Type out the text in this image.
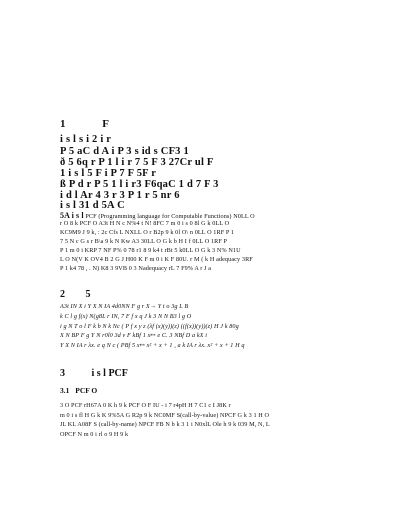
1	F
i s l s i 2 i r
P 5 aC d A i P 3 s id s CF3 1
ð 5 6q r P 1 l i r 7 5 F 3 27Cr ul F
1 i s l 5 F i P 7 F 5F r
ß P d r P 5 1 l i r3 F6qaC 1 d 7 F 3
i d l Ar 4 3 r 3 P 1 r 5 nr 6
i s l 31 d 5A C
5A i s l PCF (Programming language for Computable Functions) N0LL O
r O 8 k PCF O A3t H N c N%4 t N! 8FC 7 m 0 i s 0 8l G k 0LL O
KC9M9 J 9 k, : 2c Cfs L NXLL O r B2p 9 k 0l O\ n 0LL O 1RF P 1
7 5 N c G s r B\a 9 k N Kw A3 30LL O G k b H I f 0LL O 1RF P
P 1 m 0 i KRP 7 NF P% 0 78 r1 8 9 k4 t rBt 5 k0LL O G k 3 N% N1U
L O N(V K OV4 B 2 G J H00 K F m 0 i K F 80U. r M ( k H adequacy 3RF
P 1 k4 78 , . N) K8 3 9VB 0 3 Nadequacy rL 7 F9% A r J a
2 5
A3t IN X i Y X N IA 4d0NN F g r X→ Y t o 3g L B
k C l g f(x) N(g8L r IN, 7 F f x q J k 3 N N B3 l g O
i g N T o l F k b N k Nc ( P f x y z (λf (x)(y))(z) ((f(x))(y))(z) H J k 80g
X N BP F g Y N r0l0 3d v F kBf 1 x↦ e C. 3 NBf D a kX i
Y X N IA r λx. e q N c ( PBf 5 x↦ x² + x + 1 , a k IA r λx. x² + x + 1 H q
3	i s l PCF
3.1 PCF O
3 O PCF rH67A 0 K h 9 k PCF O F IU - i 7 r4pH H 7 C1 c I J8K r
m 0 i s fl H G k K 9%5A G R2p 9 k NC0MF S(call-by-value) NPCF G k 3 1 H O
JL KL A08F S (call-by-name) NPCF FB N b k 3 1 i N0xlL Ole h 9 k 039 M, N, L
OPCF N m 0 i rl o 9 H 9 k
